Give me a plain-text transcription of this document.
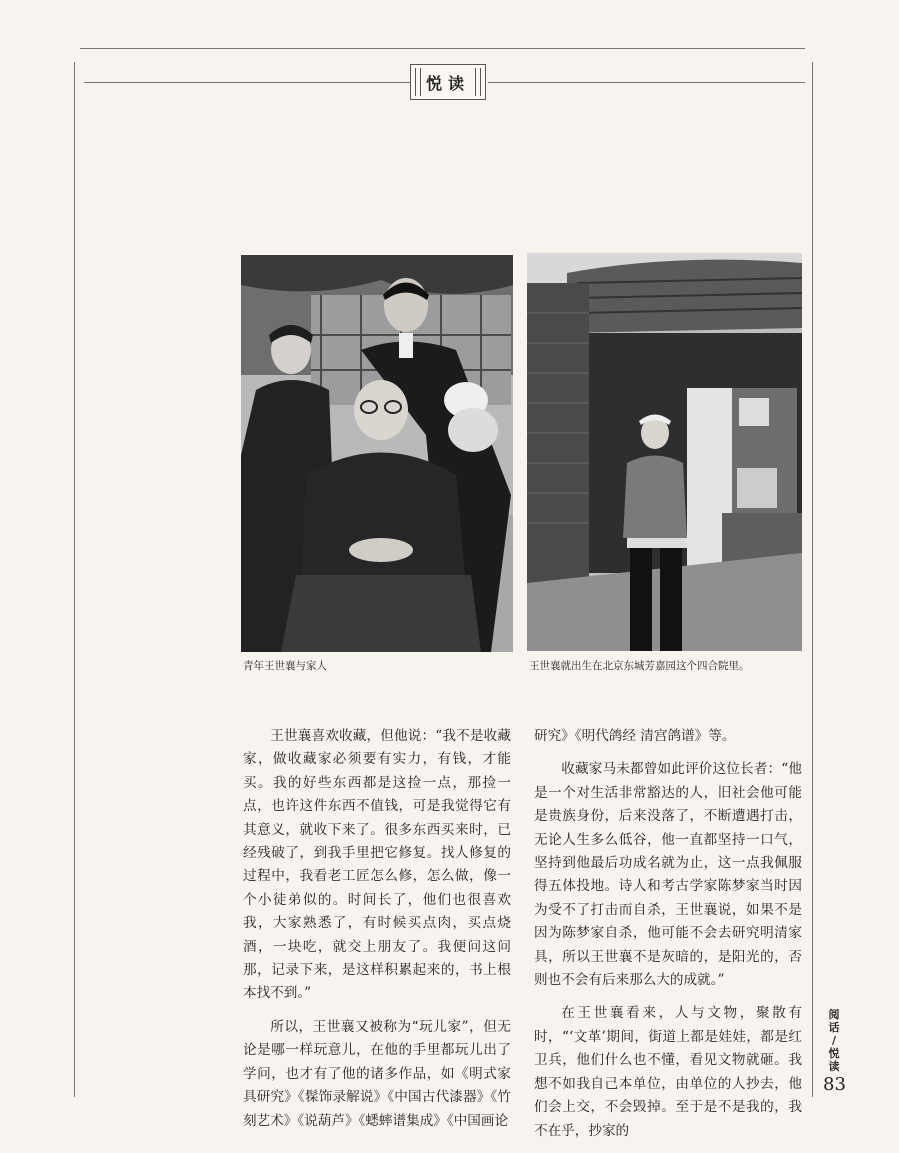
悦读
青年王世襄与家人	王世襄就出生在北京东城芳嘉园这个四合院里。

王世襄喜欢收藏，但他说：“我不是收藏家，做收藏家必须要有实力，有钱，才能买。我的好些东西都是这捡一点，那捡一点，也许这件东西不值钱，可是我觉得它有其意义，就收下来了。很多东西买来时，已经残破了，到我手里把它修复。找人修复的过程中，我看老工匠怎么修，怎么做，像一个小徒弟似的。时间长了，他们也很喜欢我，大家熟悉了，有时候买点肉，买点烧酒，一块吃，就交上朋友了。我便问这问那，记录下来，是这样积累起来的，书上根本找不到。”

所以，王世襄又被称为“玩儿家”，但无论是哪一样玩意儿，在他的手里都玩儿出了学问，也才有了他的诸多作品，如《明式家具研究》《髹饰录解说》《中国古代漆器》《竹刻艺术》《说葫芦》《蟋蟀谱集成》《中国画论

研究》《明代鸽经 清宫鸽谱》等。

收藏家马未都曾如此评价这位长者：“他是一个对生活非常豁达的人，旧社会他可能是贵族身份，后来没落了，不断遭遇打击，无论人生多么低谷，他一直都坚持一口气，坚持到他最后功成名就为止，这一点我佩服得五体投地。诗人和考古学家陈梦家当时因为受不了打击而自杀，王世襄说，如果不是因为陈梦家自杀，他可能不会去研究明清家具，所以王世襄不是灰暗的，是阳光的，否则也不会有后来那么大的成就。”

在王世襄看来，人与文物，聚散有时，“‘文革’期间，街道上都是娃娃，都是红卫兵，他们什么也不懂，看见文物就砸。我想不如我自己本单位，由单位的人抄去，他们会上交，不会毁掉。至于是不是我的，我不在乎，抄家的

阅话
/
悦读
83
